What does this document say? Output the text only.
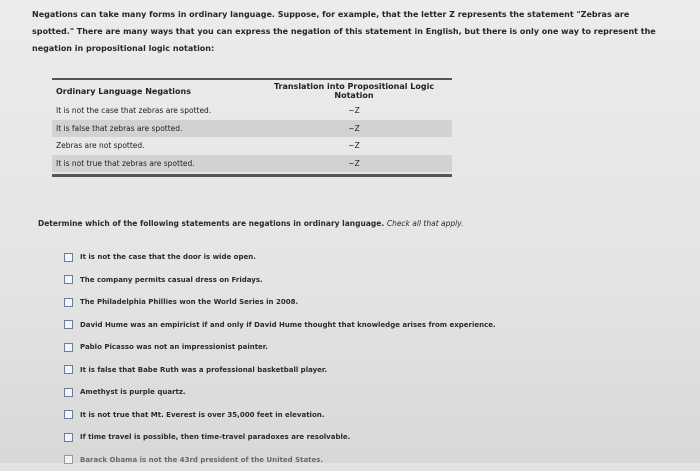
Negations can take many forms in ordinary language. Suppose, for example, that the letter Z represents the statement "Zebras are spotted." There are many ways that you can express the negation of this statement in English, but there is only one way to represent the negation in propositional logic notation:
Ordinary Language Negations	Translation into Propositional Logic Notation
It is not the case that zebras are spotted.	~Z
It is false that zebras are spotted.	~Z
Zebras are not spotted.	~Z
It is not true that zebras are spotted.	~Z
Determine which of the following statements are negations in ordinary language. Check all that apply.
It is not the case that the door is wide open.
The company permits casual dress on Fridays.
The Philadelphia Phillies won the World Series in 2008.
David Hume was an empiricist if and only if David Hume thought that knowledge arises from experience.
Pablo Picasso was not an impressionist painter.
It is false that Babe Ruth was a professional basketball player.
Amethyst is purple quartz.
It is not true that Mt. Everest is over 35,000 feet in elevation.
If time travel is possible, then time-travel paradoxes are resolvable.
Barack Obama is not the 43rd president of the United States.
